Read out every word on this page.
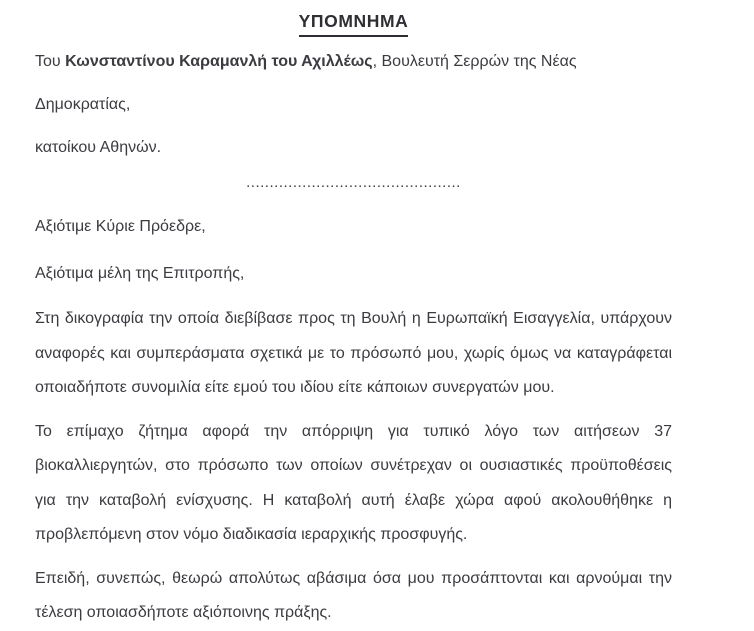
ΥΠΟΜΝΗΜΑ

Του Κωνσταντίνου Καραμανλή του Αχιλλέως, Βουλευτή Σερρών της Νέας Δημοκρατίας,
κατοίκου Αθηνών.

..............................................

Αξιότιμε Κύριε Πρόεδρε,

Αξιότιμα μέλη της Επιτροπής,

Στη δικογραφία την οποία διεβίβασε προς τη Βουλή η Ευρωπαϊκή Εισαγγελία, υπάρχουν
αναφορές και συμπεράσματα σχετικά με το πρόσωπό μου, χωρίς όμως να καταγράφεται
οποιαδήποτε συνομιλία είτε εμού του ιδίου είτε κάποιων συνεργατών μου.
Το επίμαχο ζήτημα αφορά την απόρριψη για τυπικό λόγο των αιτήσεων 37
βιοκαλλιεργητών, στο πρόσωπο των οποίων συνέτρεχαν οι ουσιαστικές προϋποθέσεις
για την καταβολή ενίσχυσης. Η καταβολή αυτή έλαβε χώρα αφού ακολουθήθηκε η
προβλεπόμενη στον νόμο διαδικασία ιεραρχικής προσφυγής.
Επειδή, συνεπώς, θεωρώ απολύτως αβάσιμα όσα μου προσάπτονται και αρνούμαι την
τέλεση οποιασδήποτε αξιόποινης πράξης.
